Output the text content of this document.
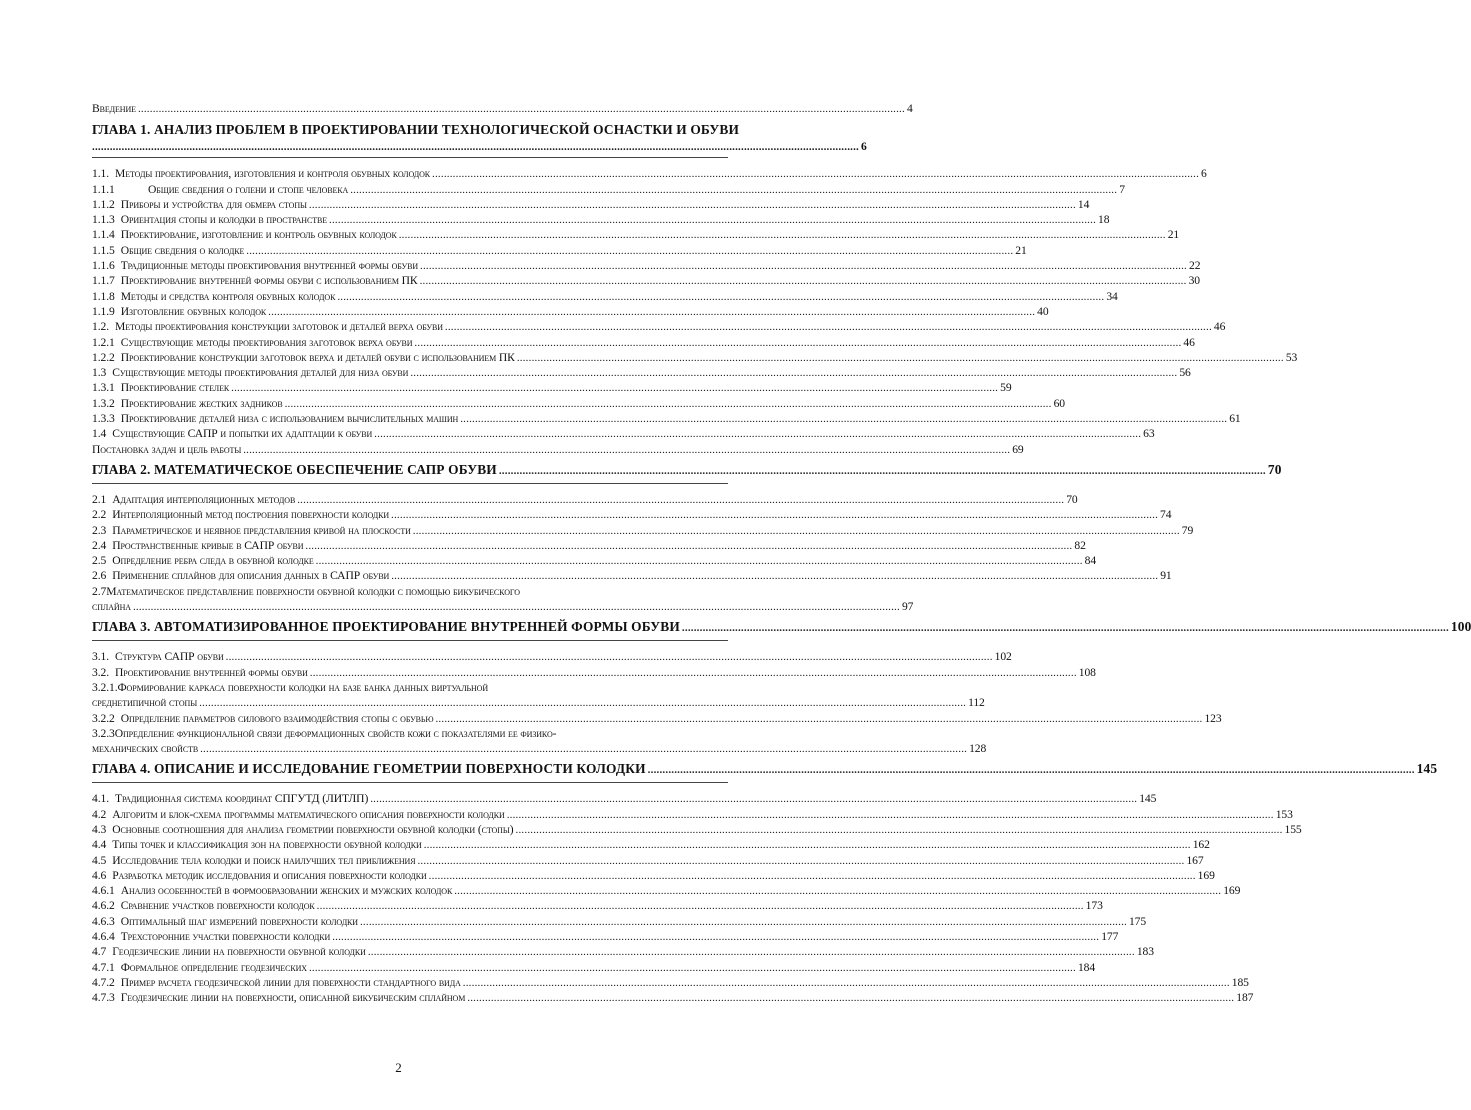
Введение .................................................................................................................................................................................................................................................................... 4
ГЛАВА 1. АНАЛИЗ ПРОБЛЕМ В ПРОЕКТИРОВАНИИ ТЕХНОЛОГИЧЕСКОЙ ОСНАСТКИ И ОБУВИ
.................................................................................................................................................................................................................................................................... 6
1.1. Методы проектирования, изготовления и контроля обувных колодок .................................................................................................................................................................................................................................................................... 6
1.1.1	Общие сведения о голени и стопе человека .................................................................................................................................................................................................................................................................... 7
1.1.2 Приборы и устройства для обмера стопы .................................................................................................................................................................................................................................................................... 14
1.1.3 Ориентация стопы и колодки в пространстве .................................................................................................................................................................................................................................................................... 18
1.1.4 Проектирование, изготовление и контроль обувных колодок .................................................................................................................................................................................................................................................................... 21
1.1.5 Общие сведения о колодке .................................................................................................................................................................................................................................................................... 21
1.1.6 Традиционные методы проектирования внутренней формы обуви .................................................................................................................................................................................................................................................................... 22
1.1.7 Проектирование внутренней формы обуви с использованием ПК .................................................................................................................................................................................................................................................................... 30
1.1.8 Методы и средства контроля обувных колодок .................................................................................................................................................................................................................................................................... 34
1.1.9 Изготовление обувных колодок .................................................................................................................................................................................................................................................................... 40
1.2. Методы проектирования конструкции заготовок и деталей верха обуви .................................................................................................................................................................................................................................................................... 46
1.2.1 Существующие методы проектирования заготовок верха обуви .................................................................................................................................................................................................................................................................... 46
1.2.2 Проектирование конструкции заготовок верха и деталей обуви с использованием ПК .................................................................................................................................................................................................................................................................... 53
1.3 Существующие методы проектирования деталей для низа обуви .................................................................................................................................................................................................................................................................... 56
1.3.1 Проектирование стелек .................................................................................................................................................................................................................................................................... 59
1.3.2 Проектирование жестких задников .................................................................................................................................................................................................................................................................... 60
1.3.3 Проектирование деталей низа с использованием вычислительных машин .................................................................................................................................................................................................................................................................... 61
1.4 Существующие САПР и попытки их адаптации к обуви .................................................................................................................................................................................................................................................................... 63
Постановка задач и цель работы .................................................................................................................................................................................................................................................................... 69
ГЛАВА 2. МАТЕМАТИЧЕСКОЕ ОБЕСПЕЧЕНИЕ САПР ОБУВИ .................................................................................................................................................................................................................................................................... 70
2.1 Адаптация интерполяционных методов .................................................................................................................................................................................................................................................................... 70
2.2 Интерполяционный метод построения поверхности колодки .................................................................................................................................................................................................................................................................... 74
2.3 Параметрическое и неявное представления кривой на плоскости .................................................................................................................................................................................................................................................................... 79
2.4 Пространственные кривые в САПР обуви .................................................................................................................................................................................................................................................................... 82
2.5 Определение ребра следа в обувной колодке .................................................................................................................................................................................................................................................................... 84
2.6 Применение сплайнов для описания данных в САПР обуви .................................................................................................................................................................................................................................................................... 91
2.7Математическое представление поверхности обувной колодки с помощью бикубического
сплайна .................................................................................................................................................................................................................................................................... 97
ГЛАВА 3. АВТОМАТИЗИРОВАННОЕ ПРОЕКТИРОВАНИЕ ВНУТРЕННЕЙ ФОРМЫ ОБУВИ .................................................................................................................................................................................................................................................................... 100
3.1. Структура САПР обуви .................................................................................................................................................................................................................................................................... 102
3.2. Проектирование внутренней формы обуви .................................................................................................................................................................................................................................................................... 108
3.2.1.Формирование каркаса поверхности колодки на базе банка данных виртуальной
среднетипичной стопы .................................................................................................................................................................................................................................................................... 112
3.2.2 Определение параметров силового взаимодействия стопы с обувью .................................................................................................................................................................................................................................................................... 123
3.2.3Определение функциональной связи деформационных свойств кожи с показателями ее физико-
механических свойств .................................................................................................................................................................................................................................................................... 128
ГЛАВА 4. ОПИСАНИЕ И ИССЛЕДОВАНИЕ ГЕОМЕТРИИ ПОВЕРХНОСТИ КОЛОДКИ .................................................................................................................................................................................................................................................................... 145
4.1. Традиционная система координат СПГУТД (ЛИТЛП) .................................................................................................................................................................................................................................................................... 145
4.2 Алгоритм и блок-схема программы математического описания поверхности колодки .................................................................................................................................................................................................................................................................... 153
4.3 Основные соотношения для анализа геометрии поверхности обувной колодки (стопы) .................................................................................................................................................................................................................................................................... 155
4.4 Типы точек и классификация зон на поверхности обувной колодки .................................................................................................................................................................................................................................................................... 162
4.5 Исследование тела колодки и поиск наилучших тел приближения .................................................................................................................................................................................................................................................................... 167
4.6 Разработка методик исследования и описания поверхности колодки .................................................................................................................................................................................................................................................................... 169
4.6.1 Анализ особенностей в формообразовании женских и мужских колодок .................................................................................................................................................................................................................................................................... 169
4.6.2 Сравнение участков поверхности колодок .................................................................................................................................................................................................................................................................... 173
4.6.3 Оптимальный шаг измерений поверхности колодки .................................................................................................................................................................................................................................................................... 175
4.6.4 Трехсторонние участки поверхности колодки .................................................................................................................................................................................................................................................................... 177
4.7 Геодезические линии на поверхности обувной колодки .................................................................................................................................................................................................................................................................... 183
4.7.1 Формальное определение геодезических .................................................................................................................................................................................................................................................................... 184
4.7.2 Пример расчета геодезической линии для поверхности стандартного вида .................................................................................................................................................................................................................................................................... 185
4.7.3 Геодезические линии на поверхности, описанной бикубическим сплайном .................................................................................................................................................................................................................................................................... 187
2
